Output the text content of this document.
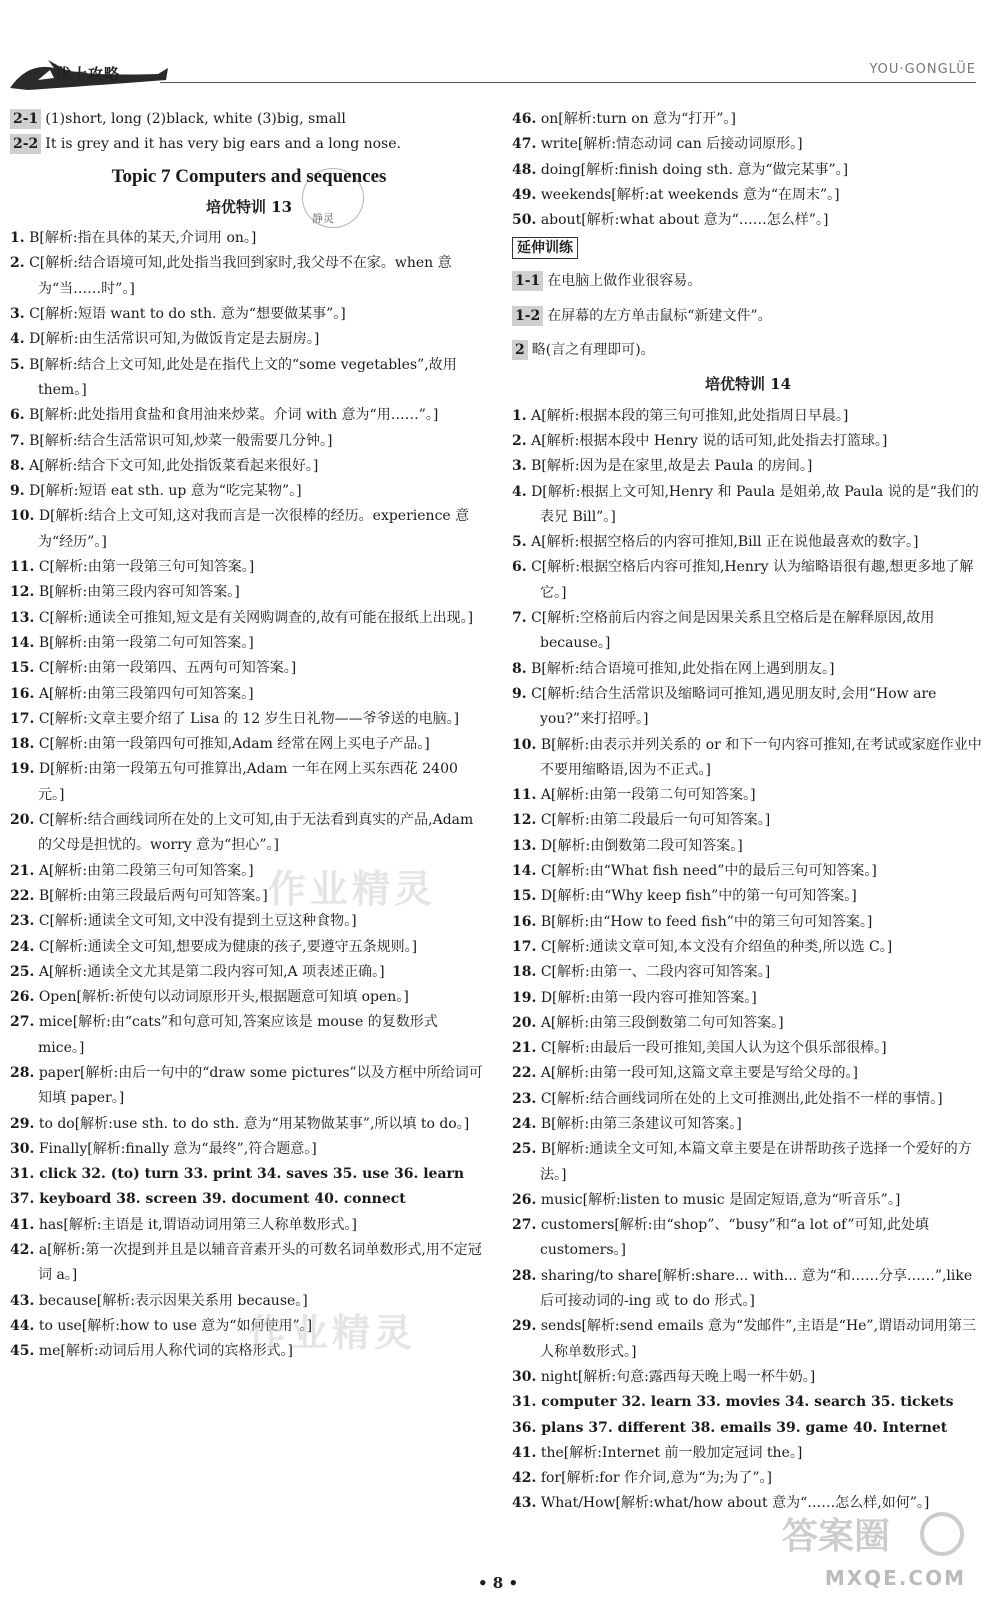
优十攻略	YOU·GONGLÜE
静灵
2-1 (1)short, long (2)black, white (3)big, small
2-2 It is grey and it has very big ears and a long nose.
Topic 7 Computers and sequences
培优特训 13
1. B[解析:指在具体的某天,介词用 on。]
2. C[解析:结合语境可知,此处指当我回到家时,我父母不在家。when 意为“当……时”。]
3. C[解析:短语 want to do sth. 意为“想要做某事”。]
4. D[解析:由生活常识可知,为做饭肯定是去厨房。]
5. B[解析:结合上文可知,此处是在指代上文的“some vegetables”,故用 them。]
6. B[解析:此处指用食盐和食用油来炒菜。介词 with 意为“用……”。]
7. B[解析:结合生活常识可知,炒菜一般需要几分钟。]
8. A[解析:结合下文可知,此处指饭菜看起来很好。]
9. D[解析:短语 eat sth. up 意为“吃完某物”。]
10. D[解析:结合上文可知,这对我而言是一次很棒的经历。experience 意为“经历”。]
11. C[解析:由第一段第三句可知答案。]
12. B[解析:由第三段内容可知答案。]
13. C[解析:通读全可推知,短文是有关网购调查的,故有可能在报纸上出现。]
14. B[解析:由第一段第二句可知答案。]
15. C[解析:由第一段第四、五两句可知答案。]
16. A[解析:由第三段第四句可知答案。]
17. C[解析:文章主要介绍了 Lisa 的 12 岁生日礼物——爷爷送的电脑。]
18. C[解析:由第一段第四句可推知,Adam 经常在网上买电子产品。]
19. D[解析:由第一段第五句可推算出,Adam 一年在网上买东西花 2400 元。]
20. C[解析:结合画线词所在处的上文可知,由于无法看到真实的产品,Adam 的父母是担忧的。worry 意为“担心”。]
21. A[解析:由第二段第三句可知答案。]
22. B[解析:由第三段最后两句可知答案。]
23. C[解析:通读全文可知,文中没有提到土豆这种食物。]
24. C[解析:通读全文可知,想要成为健康的孩子,要遵守五条规则。]
25. A[解析:通读全文尤其是第二段内容可知,A 项表述正确。]
26. Open[解析:祈使句以动词原形开头,根据题意可知填 open。]
27. mice[解析:由“cats”和句意可知,答案应该是 mouse 的复数形式 mice。]
28. paper[解析:由后一句中的“draw some pictures”以及方框中所给词可知填 paper。]
29. to do[解析:use sth. to do sth. 意为“用某物做某事”,所以填 to do。]
30. Finally[解析:finally 意为“最终”,符合题意。]
31. click 32. (to) turn 33. print 34. saves 35. use 36. learn
37. keyboard 38. screen 39. document 40. connect
41. has[解析:主语是 it,谓语动词用第三人称单数形式。]
42. a[解析:第一次提到并且是以辅音音素开头的可数名词单数形式,用不定冠词 a。]
43. because[解析:表示因果关系用 because。]
44. to use[解析:how to use 意为“如何使用”。]
45. me[解析:动词后用人称代词的宾格形式。]
46. on[解析:turn on 意为“打开”。]
47. write[解析:情态动词 can 后接动词原形。]
48. doing[解析:finish doing sth. 意为“做完某事”。]
49. weekends[解析:at weekends 意为“在周末”。]
50. about[解析:what about 意为“……怎么样”。]
延伸训练
1-1 在电脑上做作业很容易。
1-2 在屏幕的左方单击鼠标“新建文件”。
2 略(言之有理即可)。
培优特训 14
1. A[解析:根据本段的第三句可推知,此处指周日早晨。]
2. A[解析:根据本段中 Henry 说的话可知,此处指去打篮球。]
3. B[解析:因为是在家里,故是去 Paula 的房间。]
4. D[解析:根据上文可知,Henry 和 Paula 是姐弟,故 Paula 说的是“我们的表兄 Bill”。]
5. A[解析:根据空格后的内容可推知,Bill 正在说他最喜欢的数字。]
6. C[解析:根据空格后内容可推知,Henry 认为缩略语很有趣,想更多地了解它。]
7. C[解析:空格前后内容之间是因果关系且空格后是在解释原因,故用 because。]
8. B[解析:结合语境可推知,此处指在网上遇到朋友。]
9. C[解析:结合生活常识及缩略词可推知,遇见朋友时,会用“How are you?”来打招呼。]
10. B[解析:由表示并列关系的 or 和下一句内容可推知,在考试或家庭作业中不要用缩略语,因为不正式。]
11. A[解析:由第一段第二句可知答案。]
12. C[解析:由第二段最后一句可知答案。]
13. D[解析:由倒数第二段可知答案。]
14. C[解析:由“What fish need”中的最后三句可知答案。]
15. D[解析:由“Why keep fish”中的第一句可知答案。]
16. B[解析:由“How to feed fish”中的第三句可知答案。]
17. C[解析:通读文章可知,本文没有介绍鱼的种类,所以选 C。]
18. C[解析:由第一、二段内容可知答案。]
19. D[解析:由第一段内容可推知答案。]
20. A[解析:由第三段倒数第二句可知答案。]
21. C[解析:由最后一段可推知,美国人认为这个俱乐部很棒。]
22. A[解析:由第一段可知,这篇文章主要是写给父母的。]
23. C[解析:结合画线词所在处的上文可推测出,此处指不一样的事情。]
24. B[解析:由第三条建议可知答案。]
25. B[解析:通读全文可知,本篇文章主要是在讲帮助孩子选择一个爱好的方法。]
26. music[解析:listen to music 是固定短语,意为“听音乐”。]
27. customers[解析:由“shop”、“busy”和“a lot of”可知,此处填 customers。]
28. sharing/to share[解析:share... with... 意为“和……分享……”,like 后可接动词的-ing 或 to do 形式。]
29. sends[解析:send emails 意为“发邮件”,主语是“He”,谓语动词用第三人称单数形式。]
30. night[解析:句意:露西每天晚上喝一杯牛奶。]
31. computer 32. learn 33. movies 34. search 35. tickets
36. plans 37. different 38. emails 39. game 40. Internet
41. the[解析:Internet 前一般加定冠词 the。]
42. for[解析:for 作介词,意为“为;为了”。]
43. What/How[解析:what/how about 意为“……怎么样,如何”。]
作业精灵
作业精灵
答案圈
MXQE.COM
• 8 •
